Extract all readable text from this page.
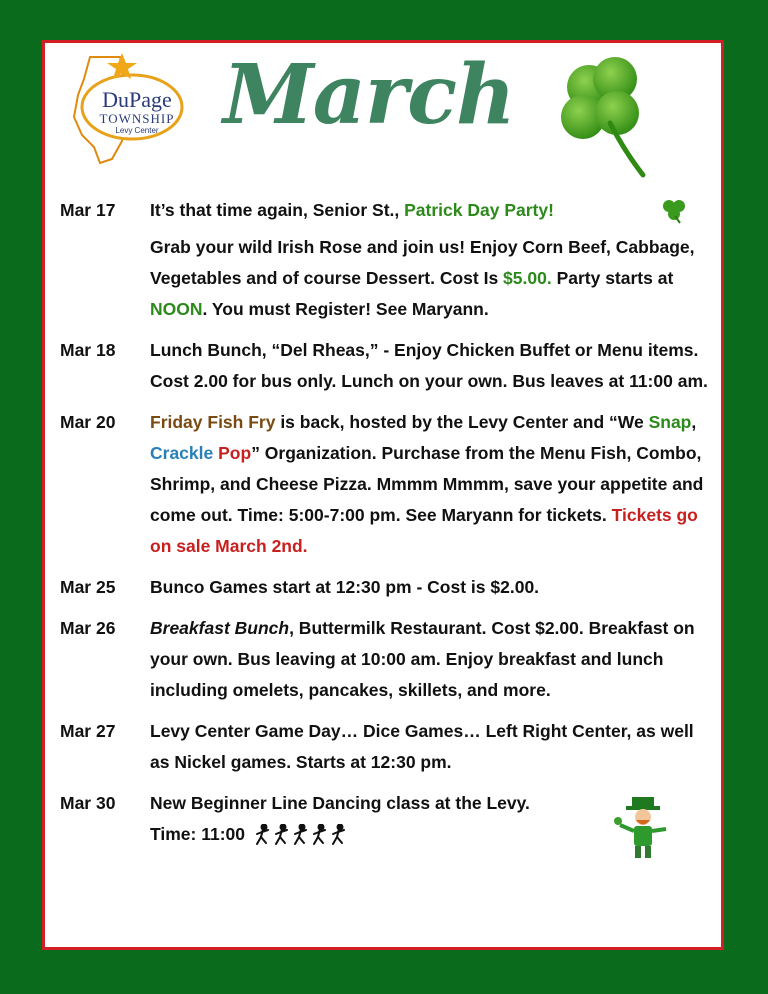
DuPage
TOWNSHIP
Levy Center March
Mar 17	It’s that time again, Senior St., Patrick Day Party!
Grab your wild Irish Rose and join us! Enjoy Corn Beef, Cabbage, Vegetables and of course Dessert. Cost Is $5.00. Party starts at NOON. You must Register! See Maryann.
Mar 18	Lunch Bunch, “Del Rheas,” - Enjoy Chicken Buffet or Menu items. Cost 2.00 for bus only. Lunch on your own. Bus leaves at 11:00 am.
Mar 20	Friday Fish Fry is back, hosted by the Levy Center and “We Snap, Crackle Pop” Organization. Purchase from the Menu Fish, Combo, Shrimp, and Cheese Pizza. Mmmm Mmmm, save your appetite and come out. Time: 5:00-7:00 pm. See Maryann for tickets. Tickets go on sale March 2nd.
Mar 25	Bunco Games start at 12:30 pm - Cost is $2.00.
Mar 26	Breakfast Bunch, Buttermilk Restaurant. Cost $2.00. Breakfast on your own. Bus leaving at 10:00 am. Enjoy breakfast and lunch including omelets, pancakes, skillets, and more.
Mar 27	Levy Center Game Day… Dice Games… Left Right Center, as well as Nickel games. Starts at 12:30 pm.
Mar 30	New Beginner Line Dancing class at the Levy.
Time: 11:00
